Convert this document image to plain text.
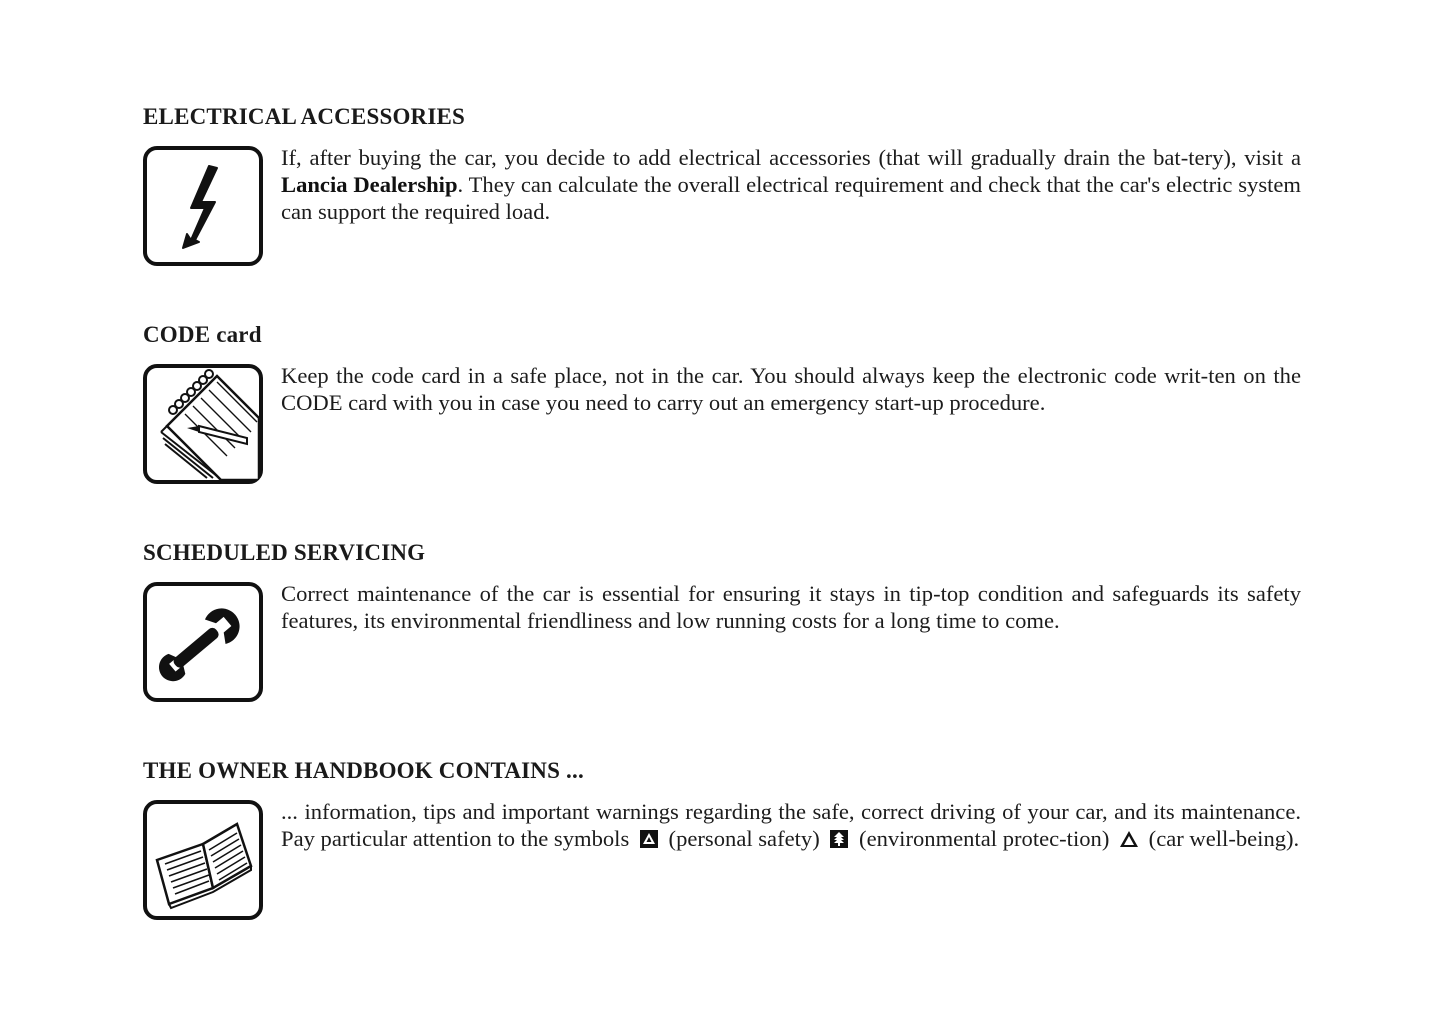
ELECTRICAL ACCESSORIES

If, after buying the car, you decide to add electrical accessories (that will gradually drain the bat-tery), visit a Lancia Dealership. They can calculate the overall electrical requirement and check that the car's electric system can support the required load.

CODE card

Keep the code card in a safe place, not in the car. You should always keep the electronic code writ-ten on the CODE card with you in case you need to carry out an emergency start-up procedure.

SCHEDULED SERVICING

Correct maintenance of the car is essential for ensuring it stays in tip-top condition and safeguards its safety features, its environmental friendliness and low running costs for a long time to come.

THE OWNER HANDBOOK CONTAINS ...

... information, tips and important warnings regarding the safe, correct driving of your car, and its maintenance. Pay particular attention to the symbols  (personal safety)  (environmental protec-tion)  (car well-being).
